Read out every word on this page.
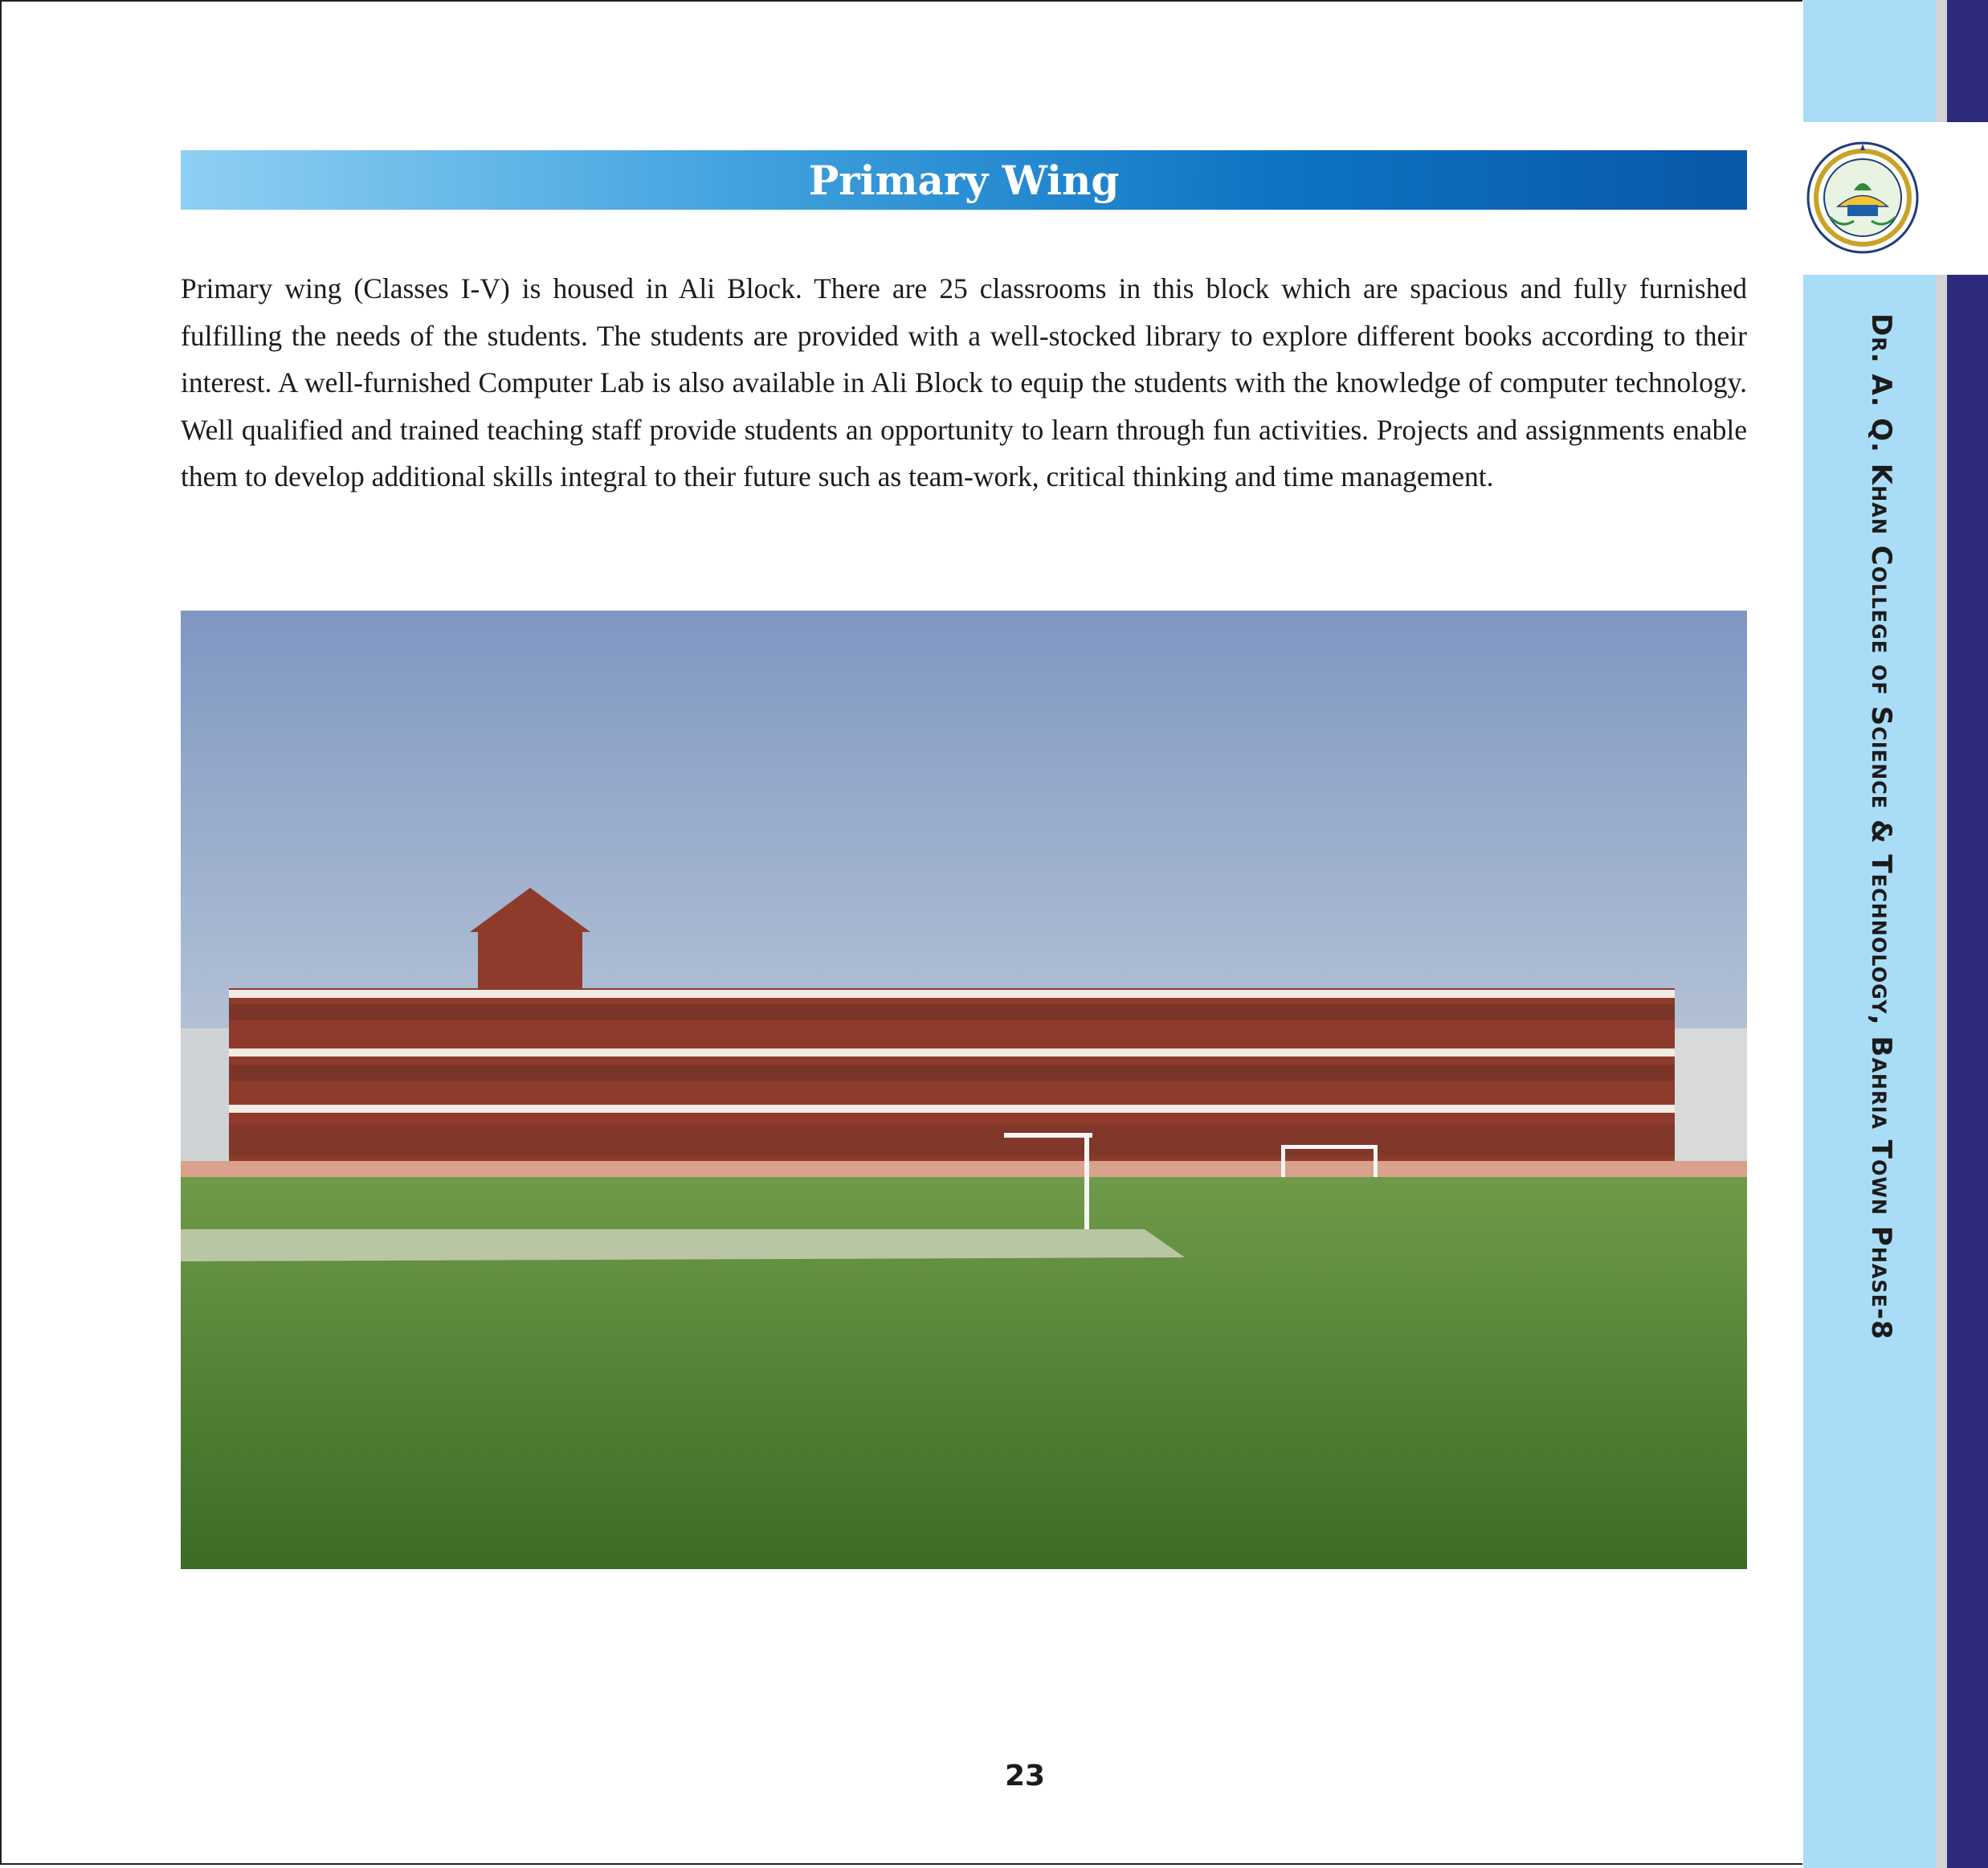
Dr. A. Q. Khan College of Science & Technology, Bahria Town Phase-8
Primary Wing

Primary wing (Classes I-V) is housed in Ali Block. There are 25 classrooms in this block which are spacious and fully furnished fulfilling the needs of the students. The students are provided with a well-stocked library to explore different books according to their interest. A well-furnished Computer Lab is also available in Ali Block to equip the students with the knowledge of computer technology. Well qualified and trained teaching staff provide students an opportunity to learn through fun activities. Projects and assignments enable them to develop additional skills integral to their future such as team-work, critical thinking and time management.

23
